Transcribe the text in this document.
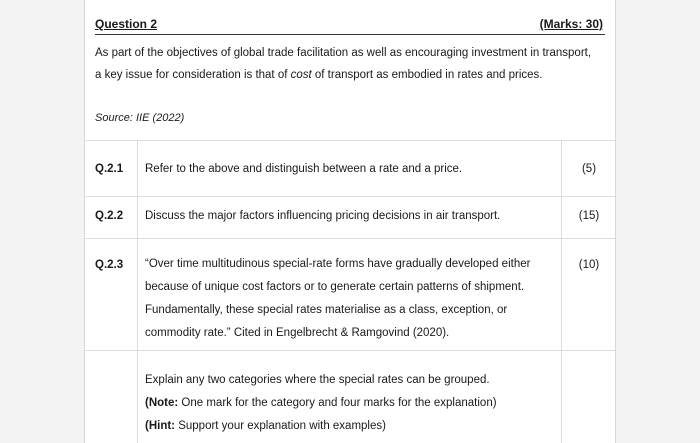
Question 2	(Marks: 30)
As part of the objectives of global trade facilitation as well as encouraging investment in transport,
a key issue for consideration is that of cost of transport as embodied in rates and prices.
Source: IIE (2022)
Q.2.1 Refer to the above and distinguish between a rate and a price.	(5)
Q.2.2 Discuss the major factors influencing pricing decisions in air transport.	(15)
Q.2.3 “Over time multitudinous special-rate forms have gradually developed either
because of unique cost factors or to generate certain patterns of shipment.
Fundamentally, these special rates materialise as a class, exception, or
commodity rate.” Cited in Engelbrecht & Ramgovind (2020).
(10)
Explain any two categories where the special rates can be grouped.
(Note: One mark for the category and four marks for the explanation)
(Hint: Support your explanation with examples)
